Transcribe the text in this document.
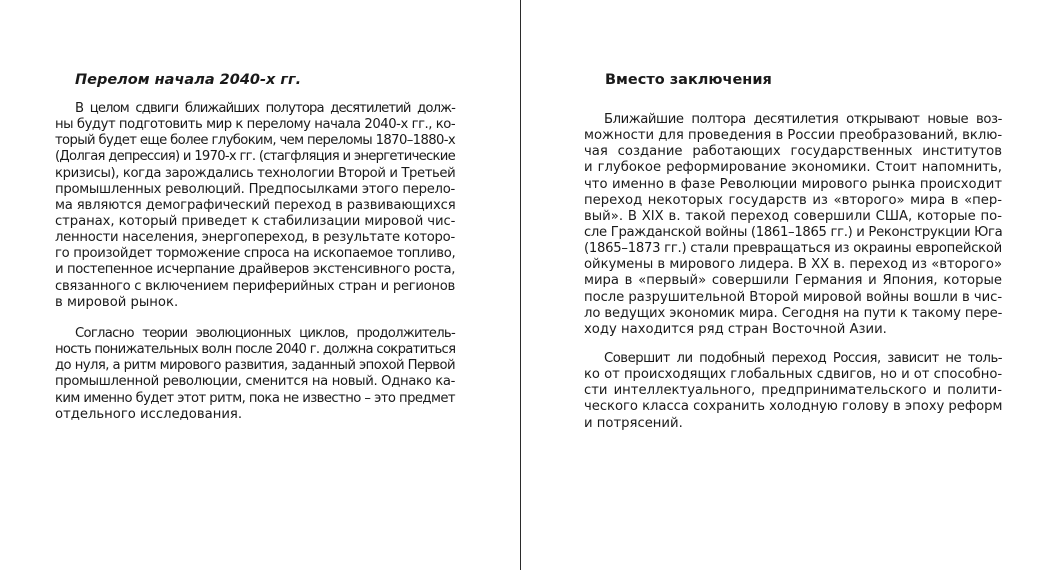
Перелом начала 2040-х гг.
В целом сдвиги ближайших полутора десятилетий долж-
ны будут подготовить мир к перелому начала 2040-х гг., ко-
торый будет еще более глубоким, чем переломы 1870–1880-х
(Долгая депрессия) и 1970-х гг. (стагфляция и энергетические
кризисы), когда зарождались технологии Второй и Третьей
промышленных революций. Предпосылками этого перело-
ма являются демографический переход в развивающихся
странах, который приведет к стабилизации мировой чис-
ленности населения, энергопереход, в результате которо-
го произойдет торможение спроса на ископаемое топливо,
и постепенное исчерпание драйверов экстенсивного роста,
связанного с включением периферийных стран и регионов
в мировой рынок.
Согласно теории эволюционных циклов, продолжитель-
ность понижательных волн после 2040 г. должна сократиться
до нуля, а ритм мирового развития, заданный эпохой Первой
промышленной революции, сменится на новый. Однако ка-
ким именно будет этот ритм, пока не известно – это предмет
отдельного исследования.
Вместо заключения
Ближайшие полтора десятилетия открывают новые воз-
можности для проведения в России преобразований, вклю-
чая создание работающих государственных институтов
и глубокое реформирование экономики. Стоит напомнить,
что именно в фазе Революции мирового рынка происходит
переход некоторых государств из «второго» мира в «пер-
вый». В XIX в. такой переход совершили США, которые по-
сле Гражданской войны (1861–1865 гг.) и Реконструкции Юга
(1865–1873 гг.) стали превращаться из окраины европейской
ойкумены в мирового лидера. В XX в. переход из «второго»
мира в «первый» совершили Германия и Япония, которые
после разрушительной Второй мировой войны вошли в чис-
ло ведущих экономик мира. Сегодня на пути к такому пере-
ходу находится ряд стран Восточной Азии.
Совершит ли подобный переход Россия, зависит не толь-
ко от происходящих глобальных сдвигов, но и от способно-
сти интеллектуального, предпринимательского и полити-
ческого класса сохранить холодную голову в эпоху реформ
и потрясений.
